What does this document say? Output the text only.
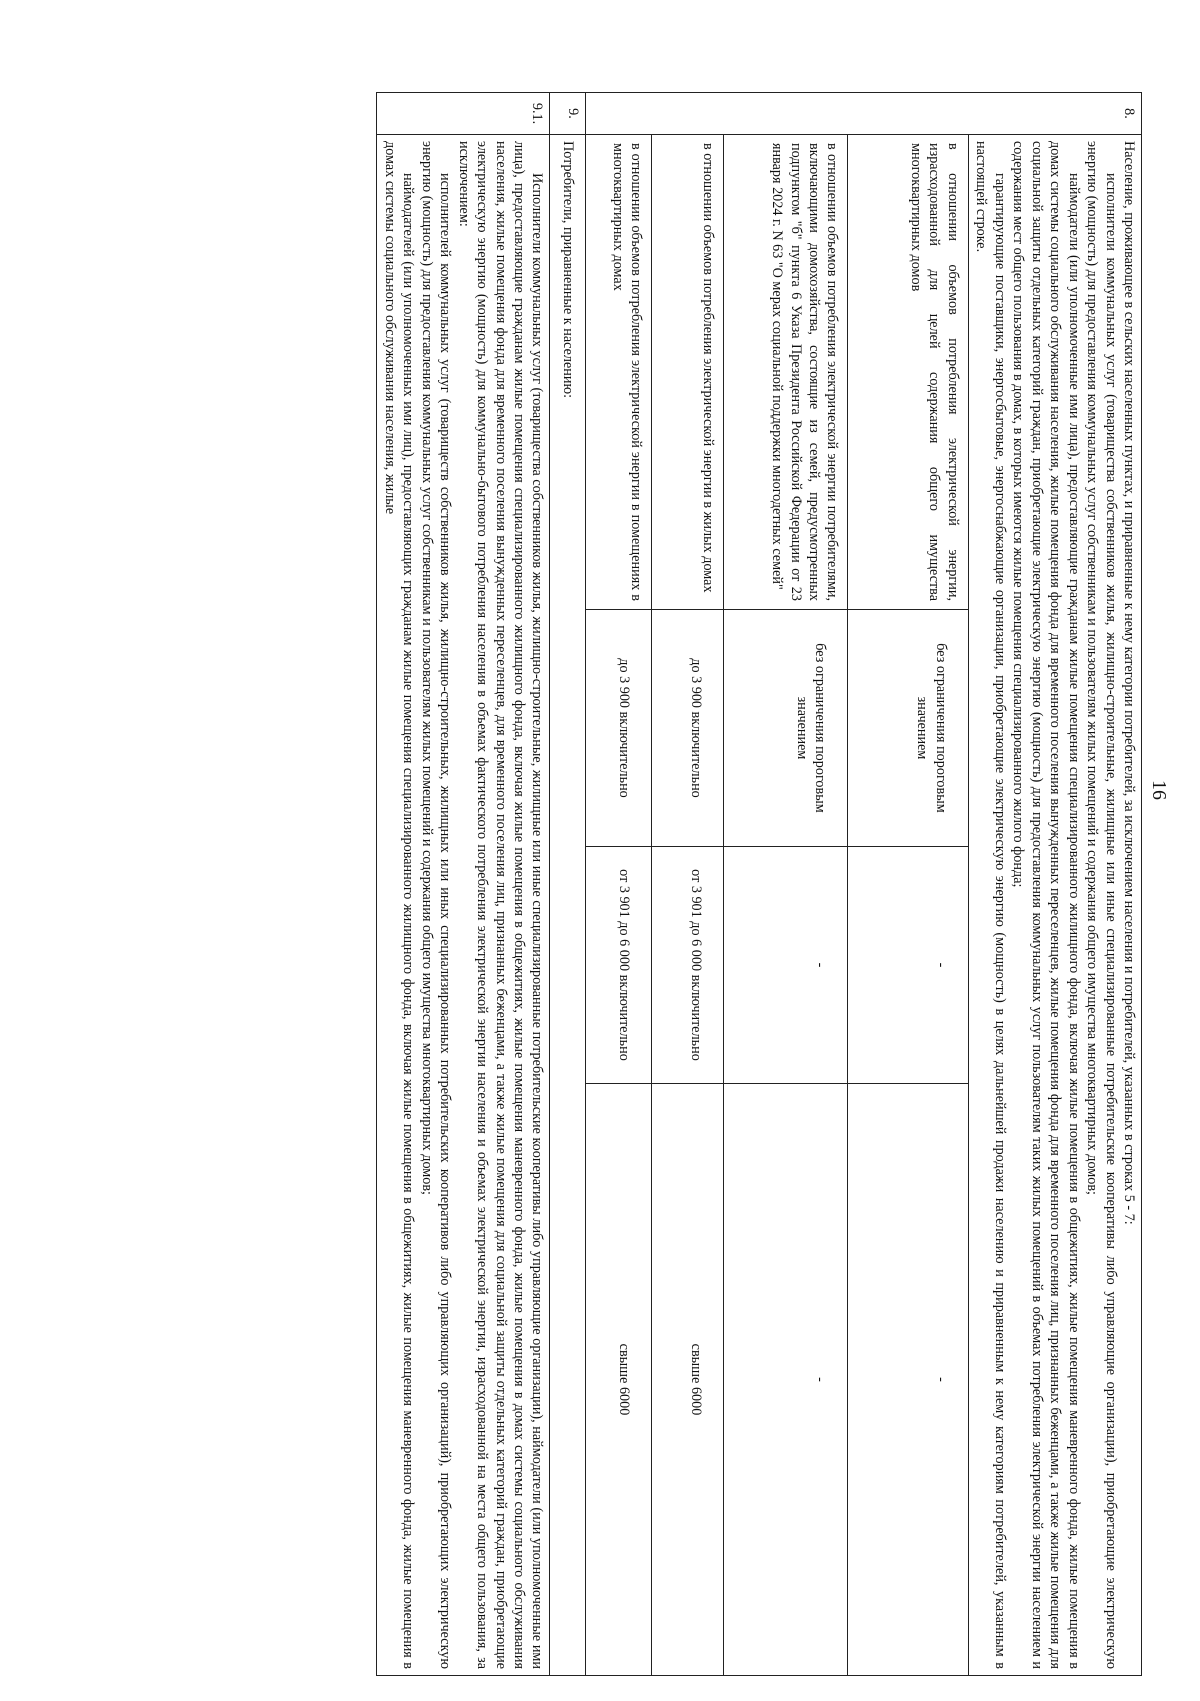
16
8.	

Население, проживающее в сельских населенных пунктах, и приравненные к нему категории потребителей, за исключением населения и потребителей, указанных в строках 5 - 7:

исполнители коммунальных услуг (товарищества собственников жилья, жилищно-строительные, жилищные или иные специализированные потребительские кооперативы либо управляющие организации), приобретающие электрическую энергию (мощность) для предоставления коммунальных услуг собственникам и пользователям жилых помещений и содержания общего имущества многоквартирных домов;

наймодатели (или уполномоченные ими лица), предоставляющие гражданам жилые помещения специализированного жилищного фонда, включая жилые помещения в общежитиях, жилые помещения маневренного фонда, жилые помещения в домах системы социального обслуживания населения, жилые помещения фонда для временного поселения вынужденных переселенцев, жилые помещения фонда для временного поселения лиц, признанных беженцами, а также жилые помещения для социальной защиты отдельных категорий граждан, приобретающие электрическую энергию (мощность) для предоставления коммунальных услуг пользователям таких жилых помещений в объемах потребления электрической энергии населением и содержания мест общего пользования в домах, в которых имеются жилые помещения специализированного жилого фонда;

гарантирующие поставщики, энергосбытовые, энергоснабжающие организации, приобретающие электрическую энергию (мощность) в целях дальнейшей продажи населению и приравненным к нему категориям потребителей, указанным в настоящей строке.

в отношении объемов потребления электрической энергии, израсходованной для целей содержания общего имущества многоквартирных домов	без ограничения пороговым значением	-	-
в отношении объемов потребления электрической энергии потребителями, включающими домохозяйства, состоящие из семей, предусмотренных подпунктом "б" пункта 6 Указа Президента Российской Федерации от 23 января 2024 г. N 63 "О мерах социальной поддержки многодетных семей"	без ограничения пороговым значением	-	-
в отношении объемов потребления электрической энергии в жилых домах	до 3 900 включительно	от 3 901 до 6 000 включительно	свыше 6000
в отношении объемов потребления электрической энергии в помещениях в многоквартирных домах	до 3 900 включительно	от 3 901 до 6 000 включительно	свыше 6000

9.	

Потребители, приравненные к населению:

9.1.	

Исполнители коммунальных услуг (товарищества собственников жилья, жилищно-строительные, жилищные или иные специализированные потребительские кооперативы либо управляющие организации), наймодатели (или уполномоченные ими лица), предоставляющие гражданам жилые помещения специализированного жилищного фонда, включая жилые помещения в общежитиях, жилые помещения маневренного фонда, жилые помещения в домах системы социального обслуживания населения, жилые помещения фонда для временного поселения вынужденных переселенцев, для временного поселения лиц, признанных беженцами, а также жилые помещения для социальной защиты отдельных категорий граждан, приобретающие электрическую энергию (мощность) для коммунально-бытового потребления населения в объемах фактического потребления электрической энергии населения и объемах электрической энергии, израсходованной на места общего пользования, за исключением:

исполнителей коммунальных услуг (товариществ собственников жилья, жилищно-строительных, жилищных или иных специализированных потребительских кооперативов либо управляющих организаций), приобретающих электрическую энергию (мощность) для предоставления коммунальных услуг собственникам и пользователям жилых помещений и содержания общего имущества многоквартирных домов;

наймодателей (или уполномоченных ими лиц), предоставляющих гражданам жилые помещения специализированного жилищного фонда, включая жилые помещения в общежитиях, жилые помещения маневренного фонда, жилые помещения в домах системы социального обслуживания населения, жилые
